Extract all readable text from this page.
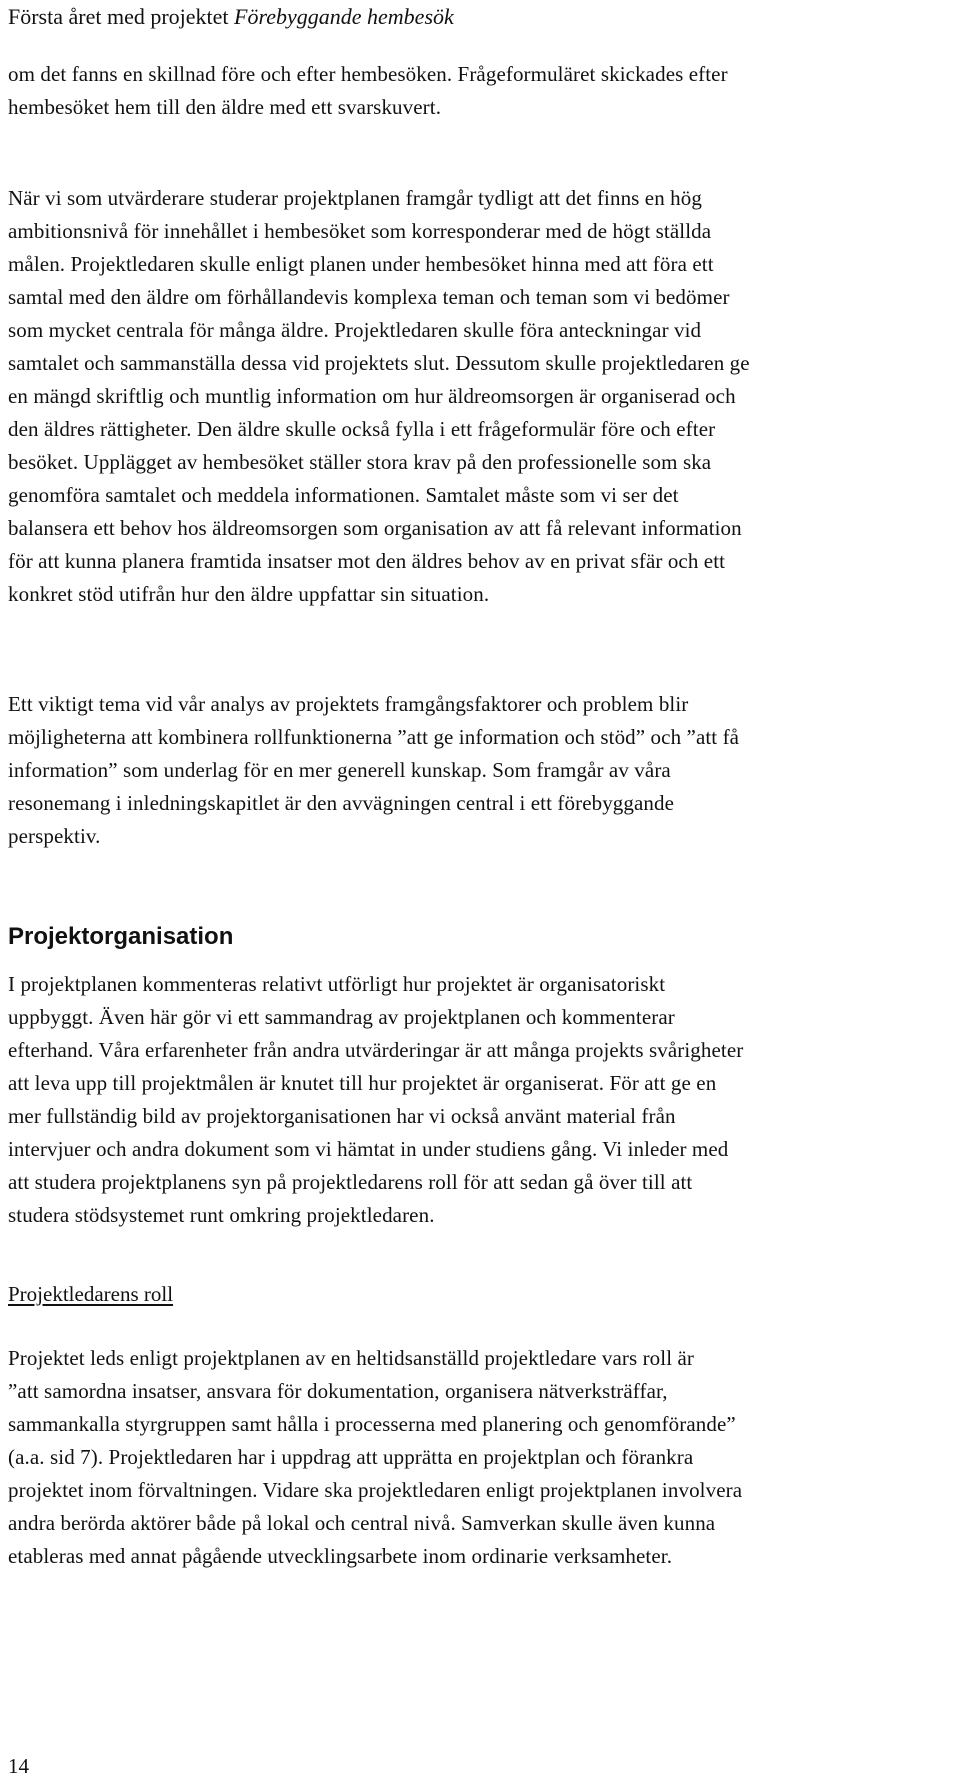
Första året med projektet Förebyggande hembesök
om det fanns en skillnad före och efter hembesöken. Frågeformuläret skickades efter
hembesöket hem till den äldre med ett svarskuvert.
När vi som utvärderare studerar projektplanen framgår tydligt att det finns en hög
ambitionsnivå för innehållet i hembesöket som korresponderar med de högt ställda
målen. Projektledaren skulle enligt planen under hembesöket hinna med att föra ett
samtal med den äldre om förhållandevis komplexa teman och teman som vi bedömer
som mycket centrala för många äldre. Projektledaren skulle föra anteckningar vid
samtalet och sammanställa dessa vid projektets slut. Dessutom skulle projektledaren ge
en mängd skriftlig och muntlig information om hur äldreomsorgen är organiserad och
den äldres rättigheter. Den äldre skulle också fylla i ett frågeformulär före och efter
besöket. Upplägget av hembesöket ställer stora krav på den professionelle som ska
genomföra samtalet och meddela informationen. Samtalet måste som vi ser det
balansera ett behov hos äldreomsorgen som organisation av att få relevant information
för att kunna planera framtida insatser mot den äldres behov av en privat sfär och ett
konkret stöd utifrån hur den äldre uppfattar sin situation.
Ett viktigt tema vid vår analys av projektets framgångsfaktorer och problem blir
möjligheterna att kombinera rollfunktionerna ”att ge information och stöd” och ”att få
information” som underlag för en mer generell kunskap. Som framgår av våra
resonemang i inledningskapitlet är den avvägningen central i ett förebyggande
perspektiv.
Projektorganisation
I projektplanen kommenteras relativt utförligt hur projektet är organisatoriskt
uppbyggt. Även här gör vi ett sammandrag av projektplanen och kommenterar
efterhand. Våra erfarenheter från andra utvärderingar är att många projekts svårigheter
att leva upp till projektmålen är knutet till hur projektet är organiserat. För att ge en
mer fullständig bild av projektorganisationen har vi också använt material från
intervjuer och andra dokument som vi hämtat in under studiens gång. Vi inleder med
att studera projektplanens syn på projektledarens roll för att sedan gå över till att
studera stödsystemet runt omkring projektledaren.
Projektledarens roll
Projektet leds enligt projektplanen av en heltidsanställd projektledare vars roll är
”att samordna insatser, ansvara för dokumentation, organisera nätverksträffar,
sammankalla styrgruppen samt hålla i processerna med planering och genomförande”
(a.a. sid 7). Projektledaren har i uppdrag att upprätta en projektplan och förankra
projektet inom förvaltningen. Vidare ska projektledaren enligt projektplanen involvera
andra berörda aktörer både på lokal och central nivå. Samverkan skulle även kunna
etableras med annat pågående utvecklingsarbete inom ordinarie verksamheter.
14
